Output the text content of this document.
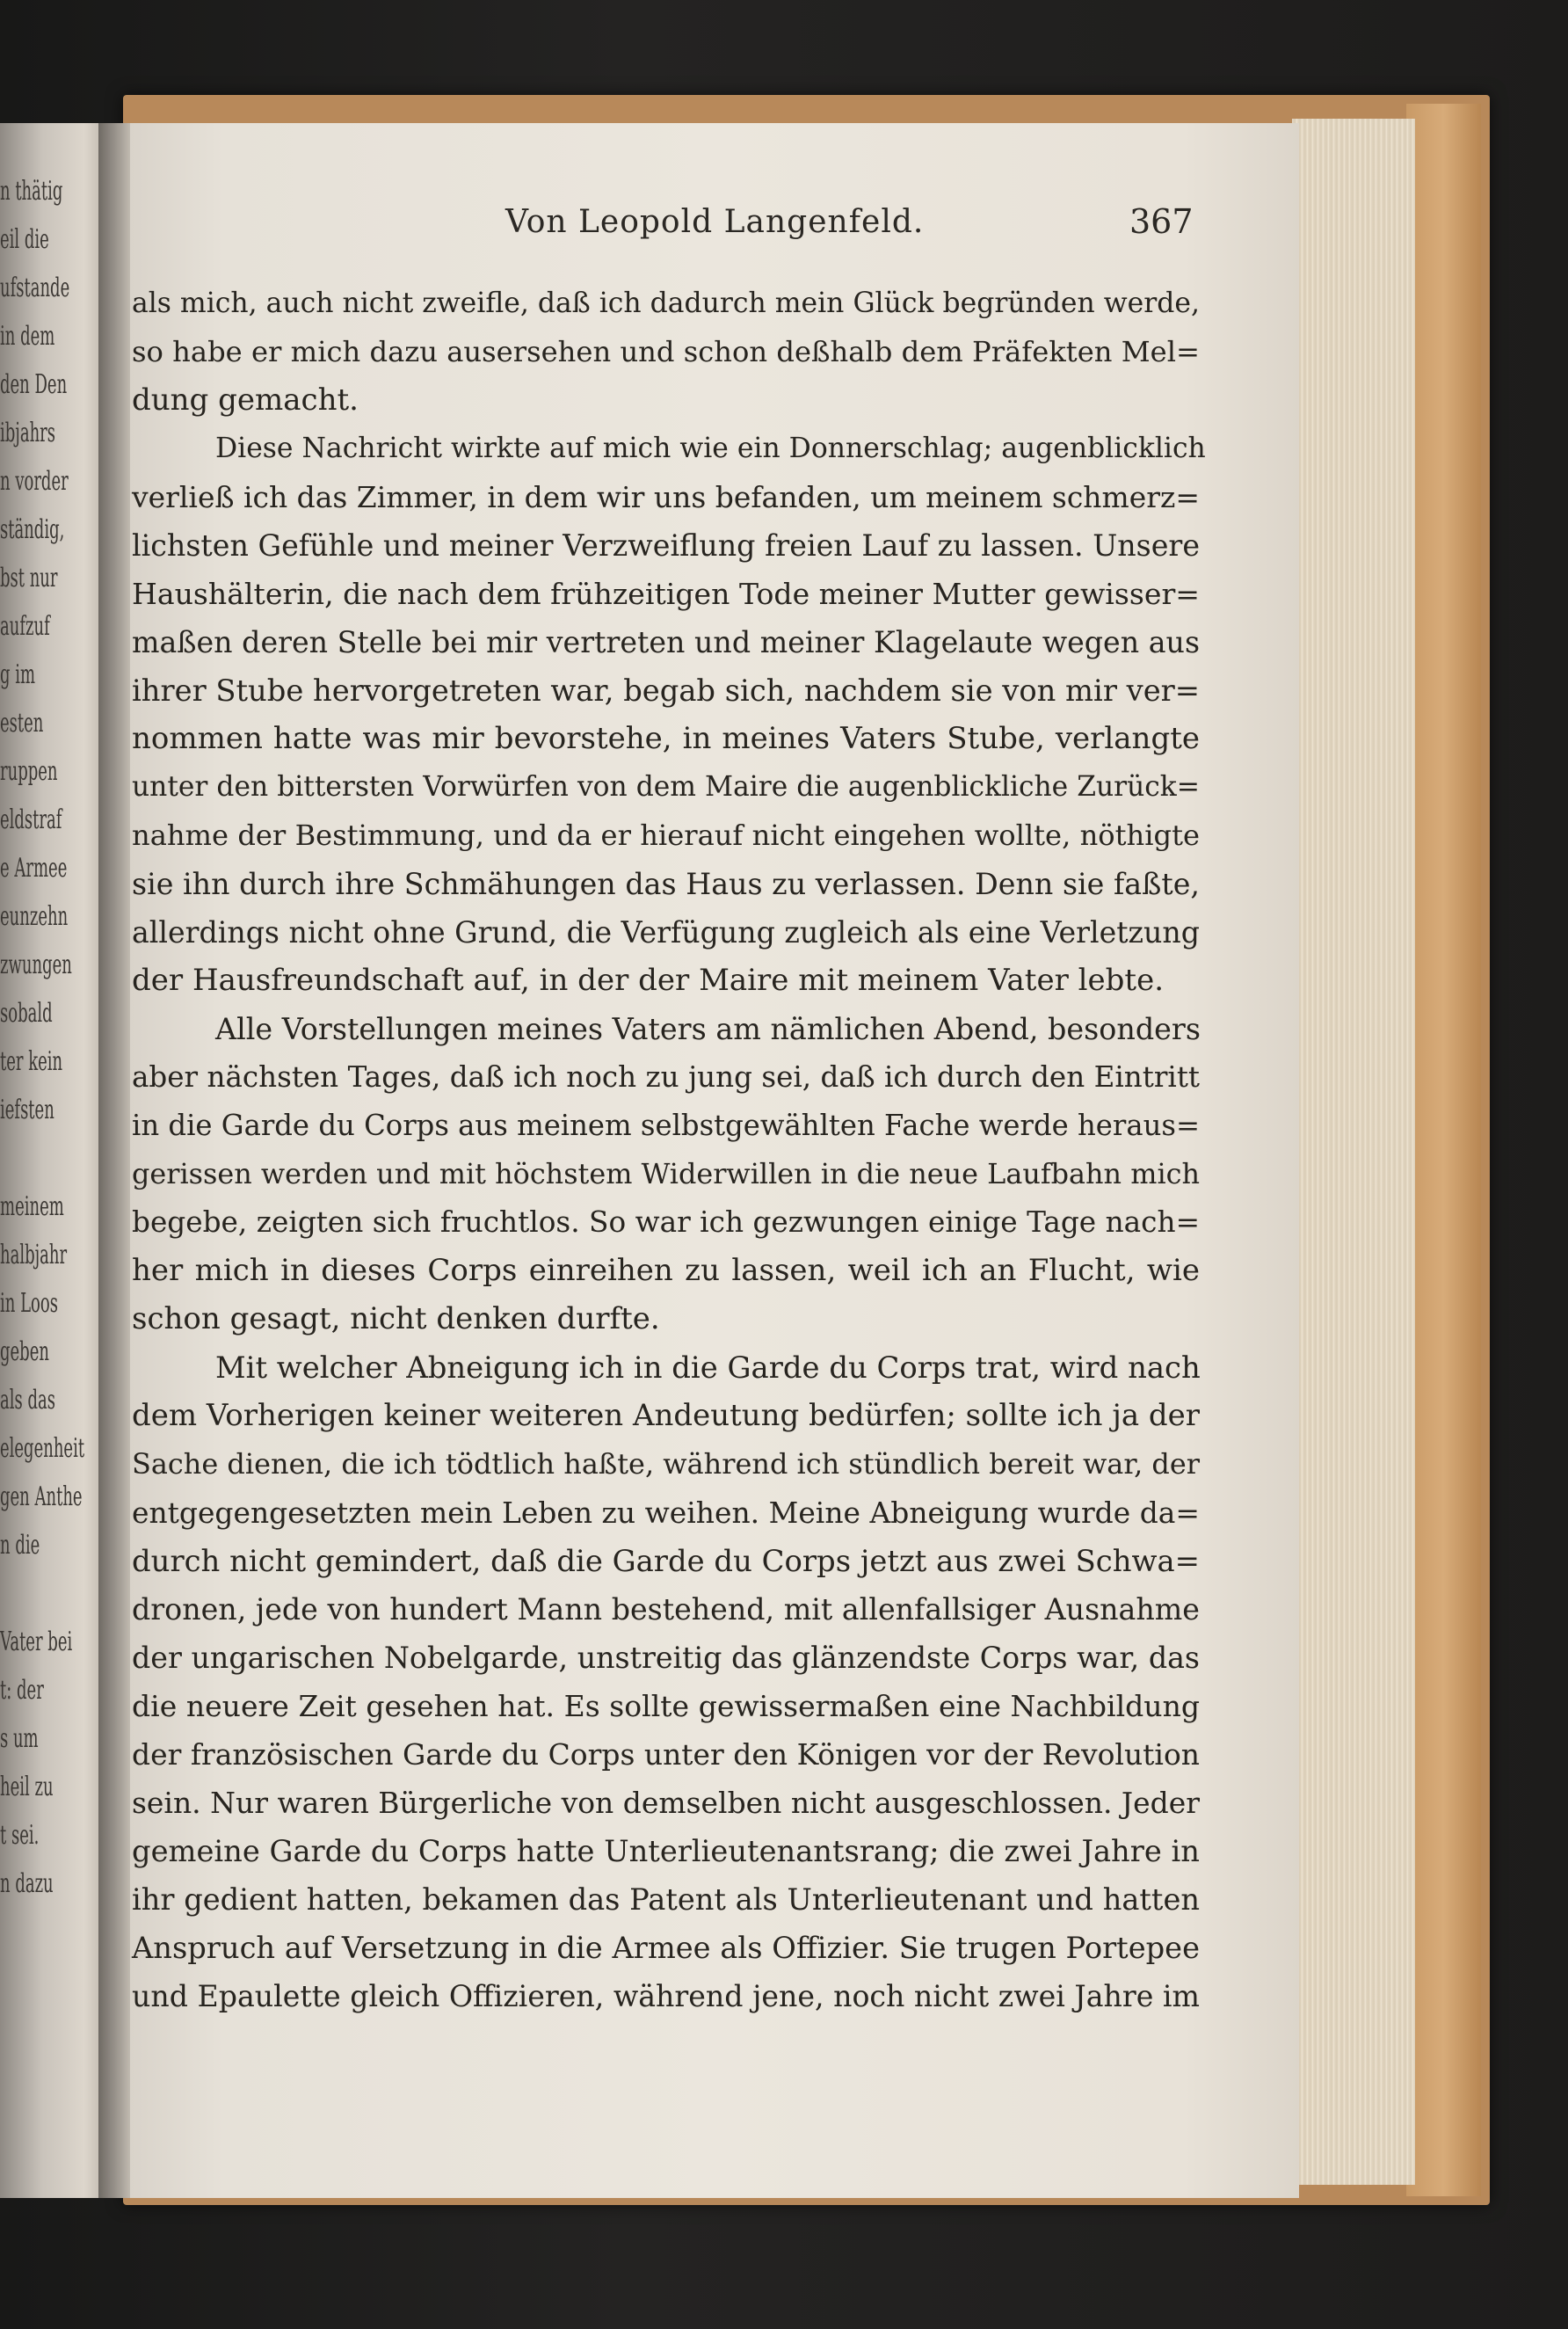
n thätig
eil die
ufstande
in dem
den Den
ibjahrs
n vorder
ständig,
bst nur
aufzuf
g im
esten
ruppen
eldstraf
e Armee
eunzehn
zwungen
sobald
ter kein
iefsten
meinem
halbjahr
in Loos
geben
als das
elegenheit
gen Anthe
n die
Vater bei
t: der
s um
heil zu
t sei.
n dazu
Von Leopold Langenfeld.	367
als mich, auch nicht zweifle, daß ich dadurch mein Glück begründen werde,
so habe er mich dazu ausersehen und schon deßhalb dem Präfekten Mel=
dung gemacht.
Diese Nachricht wirkte auf mich wie ein Donnerschlag; augenblicklich
verließ ich das Zimmer, in dem wir uns befanden, um meinem schmerz=
lichsten Gefühle und meiner Verzweiflung freien Lauf zu lassen. Unsere
Haushälterin, die nach dem frühzeitigen Tode meiner Mutter gewisser=
maßen deren Stelle bei mir vertreten und meiner Klagelaute wegen aus
ihrer Stube hervorgetreten war, begab sich, nachdem sie von mir ver=
nommen hatte was mir bevorstehe, in meines Vaters Stube, verlangte
unter den bittersten Vorwürfen von dem Maire die augenblickliche Zurück=
nahme der Bestimmung, und da er hierauf nicht eingehen wollte, nöthigte
sie ihn durch ihre Schmähungen das Haus zu verlassen. Denn sie faßte,
allerdings nicht ohne Grund, die Verfügung zugleich als eine Verletzung
der Hausfreundschaft auf, in der der Maire mit meinem Vater lebte.
Alle Vorstellungen meines Vaters am nämlichen Abend, besonders
aber nächsten Tages, daß ich noch zu jung sei, daß ich durch den Eintritt
in die Garde du Corps aus meinem selbstgewählten Fache werde heraus=
gerissen werden und mit höchstem Widerwillen in die neue Laufbahn mich
begebe, zeigten sich fruchtlos. So war ich gezwungen einige Tage nach=
her mich in dieses Corps einreihen zu lassen, weil ich an Flucht, wie
schon gesagt, nicht denken durfte.
Mit welcher Abneigung ich in die Garde du Corps trat, wird nach
dem Vorherigen keiner weiteren Andeutung bedürfen; sollte ich ja der
Sache dienen, die ich tödtlich haßte, während ich stündlich bereit war, der
entgegengesetzten mein Leben zu weihen. Meine Abneigung wurde da=
durch nicht gemindert, daß die Garde du Corps jetzt aus zwei Schwa=
dronen, jede von hundert Mann bestehend, mit allenfallsiger Ausnahme
der ungarischen Nobelgarde, unstreitig das glänzendste Corps war, das
die neuere Zeit gesehen hat. Es sollte gewissermaßen eine Nachbildung
der französischen Garde du Corps unter den Königen vor der Revolution
sein. Nur waren Bürgerliche von demselben nicht ausgeschlossen. Jeder
gemeine Garde du Corps hatte Unterlieutenantsrang; die zwei Jahre in
ihr gedient hatten, bekamen das Patent als Unterlieutenant und hatten
Anspruch auf Versetzung in die Armee als Offizier. Sie trugen Portepee
und Epaulette gleich Offizieren, während jene, noch nicht zwei Jahre im
